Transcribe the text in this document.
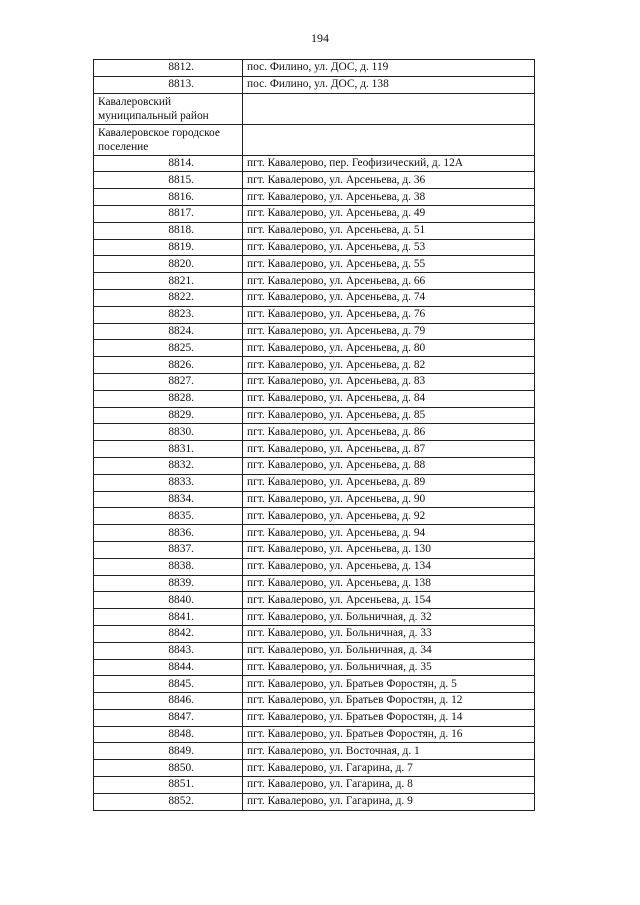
194
8812.	пос. Филино, ул. ДОС, д. 119
8813.	пос. Филино, ул. ДОС, д. 138
Кавалеровский муниципальный район	
Кавалеровское городское поселение	
8814.	пгт. Кавалерово, пер. Геофизический, д. 12А
8815.	пгт. Кавалерово, ул. Арсеньева, д. 36
8816.	пгт. Кавалерово, ул. Арсеньева, д. 38
8817.	пгт. Кавалерово, ул. Арсеньева, д. 49
8818.	пгт. Кавалерово, ул. Арсеньева, д. 51
8819.	пгт. Кавалерово, ул. Арсеньева, д. 53
8820.	пгт. Кавалерово, ул. Арсеньева, д. 55
8821.	пгт. Кавалерово, ул. Арсеньева, д. 66
8822.	пгт. Кавалерово, ул. Арсеньева, д. 74
8823.	пгт. Кавалерово, ул. Арсеньева, д. 76
8824.	пгт. Кавалерово, ул. Арсеньева, д. 79
8825.	пгт. Кавалерово, ул. Арсеньева, д. 80
8826.	пгт. Кавалерово, ул. Арсеньева, д. 82
8827.	пгт. Кавалерово, ул. Арсеньева, д. 83
8828.	пгт. Кавалерово, ул. Арсеньева, д. 84
8829.	пгт. Кавалерово, ул. Арсеньева, д. 85
8830.	пгт. Кавалерово, ул. Арсеньева, д. 86
8831.	пгт. Кавалерово, ул. Арсеньева, д. 87
8832.	пгт. Кавалерово, ул. Арсеньева, д. 88
8833.	пгт. Кавалерово, ул. Арсеньева, д. 89
8834.	пгт. Кавалерово, ул. Арсеньева, д. 90
8835.	пгт. Кавалерово, ул. Арсеньева, д. 92
8836.	пгт. Кавалерово, ул. Арсеньева, д. 94
8837.	пгт. Кавалерово, ул. Арсеньева, д. 130
8838.	пгт. Кавалерово, ул. Арсеньева, д. 134
8839.	пгт. Кавалерово, ул. Арсеньева, д. 138
8840.	пгт. Кавалерово, ул. Арсеньева, д. 154
8841.	пгт. Кавалерово, ул. Больничная, д. 32
8842.	пгт. Кавалерово, ул. Больничная, д. 33
8843.	пгт. Кавалерово, ул. Больничная, д. 34
8844.	пгт. Кавалерово, ул. Больничная, д. 35
8845.	пгт. Кавалерово, ул. Братьев Форостян, д. 5
8846.	пгт. Кавалерово, ул. Братьев Форостян, д. 12
8847.	пгт. Кавалерово, ул. Братьев Форостян, д. 14
8848.	пгт. Кавалерово, ул. Братьев Форостян, д. 16
8849.	пгт. Кавалерово, ул. Восточная, д. 1
8850.	пгт. Кавалерово, ул. Гагарина, д. 7
8851.	пгт. Кавалерово, ул. Гагарина, д. 8
8852.	пгт. Кавалерово, ул. Гагарина, д. 9
